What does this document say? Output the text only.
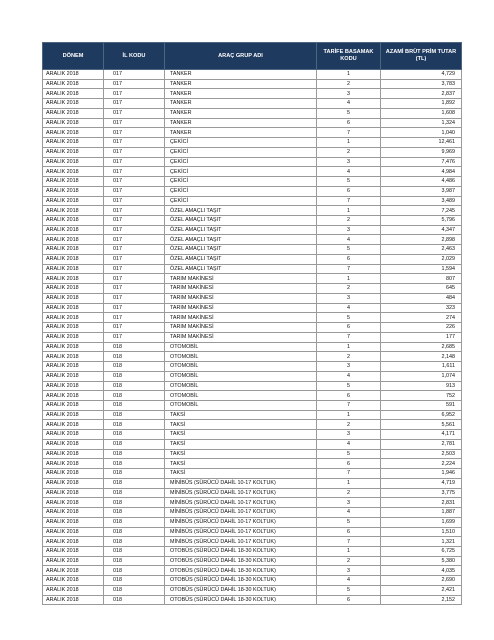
DÖNEM	İL KODU	ARAÇ GRUP ADI	TARİFE BASAMAK KODU	AZAMİ BRÜT PRİM TUTAR (TL)
ARALIK 2018	017	TANKER	1	4,729
ARALIK 2018	017	TANKER	2	3,783
ARALIK 2018	017	TANKER	3	2,837
ARALIK 2018	017	TANKER	4	1,892
ARALIK 2018	017	TANKER	5	1,608
ARALIK 2018	017	TANKER	6	1,324
ARALIK 2018	017	TANKER	7	1,040
ARALIK 2018	017	ÇEKİCİ	1	12,461
ARALIK 2018	017	ÇEKİCİ	2	9,969
ARALIK 2018	017	ÇEKİCİ	3	7,476
ARALIK 2018	017	ÇEKİCİ	4	4,984
ARALIK 2018	017	ÇEKİCİ	5	4,486
ARALIK 2018	017	ÇEKİCİ	6	3,987
ARALIK 2018	017	ÇEKİCİ	7	3,489
ARALIK 2018	017	ÖZEL AMAÇLI TAŞIT	1	7,245
ARALIK 2018	017	ÖZEL AMAÇLI TAŞIT	2	5,796
ARALIK 2018	017	ÖZEL AMAÇLI TAŞIT	3	4,347
ARALIK 2018	017	ÖZEL AMAÇLI TAŞIT	4	2,898
ARALIK 2018	017	ÖZEL AMAÇLI TAŞIT	5	2,463
ARALIK 2018	017	ÖZEL AMAÇLI TAŞIT	6	2,029
ARALIK 2018	017	ÖZEL AMAÇLI TAŞIT	7	1,594
ARALIK 2018	017	TARIM MAKİNESİ	1	807
ARALIK 2018	017	TARIM MAKİNESİ	2	645
ARALIK 2018	017	TARIM MAKİNESİ	3	484
ARALIK 2018	017	TARIM MAKİNESİ	4	323
ARALIK 2018	017	TARIM MAKİNESİ	5	274
ARALIK 2018	017	TARIM MAKİNESİ	6	226
ARALIK 2018	017	TARIM MAKİNESİ	7	177
ARALIK 2018	018	OTOMOBİL	1	2,685
ARALIK 2018	018	OTOMOBİL	2	2,148
ARALIK 2018	018	OTOMOBİL	3	1,611
ARALIK 2018	018	OTOMOBİL	4	1,074
ARALIK 2018	018	OTOMOBİL	5	913
ARALIK 2018	018	OTOMOBİL	6	752
ARALIK 2018	018	OTOMOBİL	7	591
ARALIK 2018	018	TAKSİ	1	6,952
ARALIK 2018	018	TAKSİ	2	5,561
ARALIK 2018	018	TAKSİ	3	4,171
ARALIK 2018	018	TAKSİ	4	2,781
ARALIK 2018	018	TAKSİ	5	2,503
ARALIK 2018	018	TAKSİ	6	2,224
ARALIK 2018	018	TAKSİ	7	1,946
ARALIK 2018	018	MİNİBÜS (SÜRÜCÜ DAHİL 10-17 KOLTUK)	1	4,719
ARALIK 2018	018	MİNİBÜS (SÜRÜCÜ DAHİL 10-17 KOLTUK)	2	3,775
ARALIK 2018	018	MİNİBÜS (SÜRÜCÜ DAHİL 10-17 KOLTUK)	3	2,831
ARALIK 2018	018	MİNİBÜS (SÜRÜCÜ DAHİL 10-17 KOLTUK)	4	1,887
ARALIK 2018	018	MİNİBÜS (SÜRÜCÜ DAHİL 10-17 KOLTUK)	5	1,699
ARALIK 2018	018	MİNİBÜS (SÜRÜCÜ DAHİL 10-17 KOLTUK)	6	1,510
ARALIK 2018	018	MİNİBÜS (SÜRÜCÜ DAHİL 10-17 KOLTUK)	7	1,321
ARALIK 2018	018	OTOBÜS (SÜRÜCÜ DAHİL 18-30 KOLTUK)	1	6,725
ARALIK 2018	018	OTOBÜS (SÜRÜCÜ DAHİL 18-30 KOLTUK)	2	5,380
ARALIK 2018	018	OTOBÜS (SÜRÜCÜ DAHİL 18-30 KOLTUK)	3	4,035
ARALIK 2018	018	OTOBÜS (SÜRÜCÜ DAHİL 18-30 KOLTUK)	4	2,690
ARALIK 2018	018	OTOBÜS (SÜRÜCÜ DAHİL 18-30 KOLTUK)	5	2,421
ARALIK 2018	018	OTOBÜS (SÜRÜCÜ DAHİL 18-30 KOLTUK)	6	2,152
